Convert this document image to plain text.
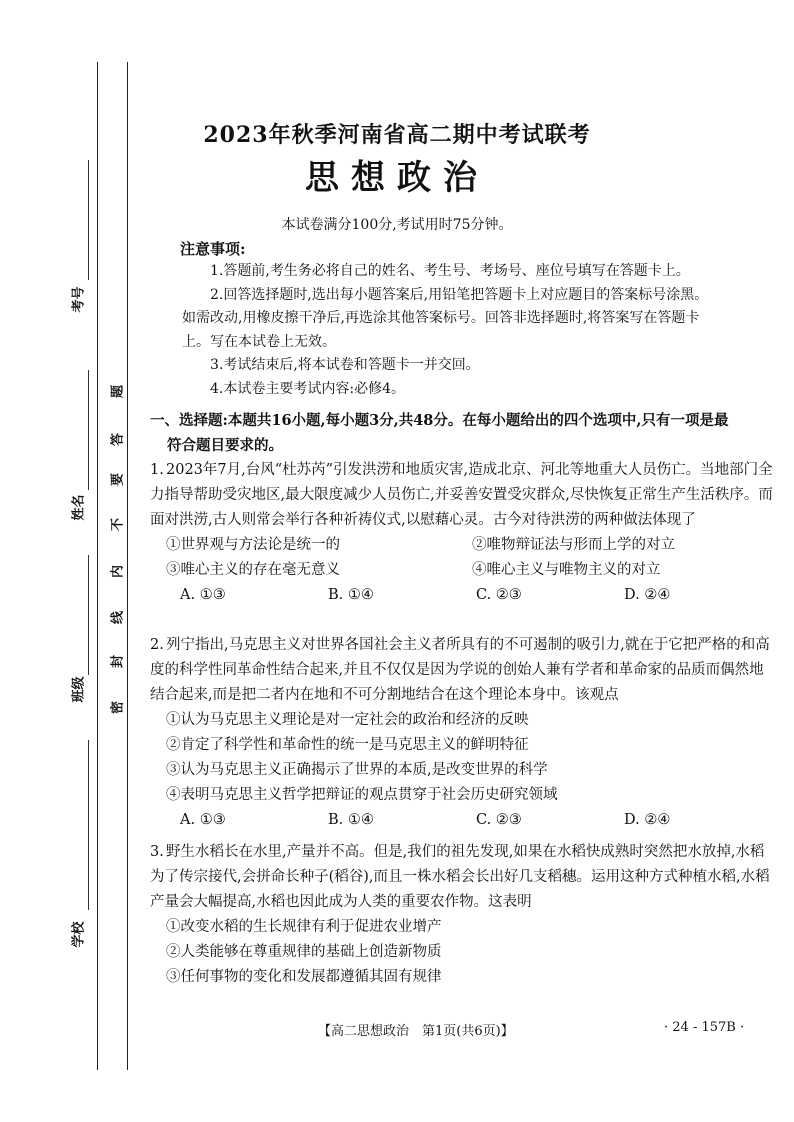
考号
姓名
班级
学校
题
答
要
不
内
线
封
密
2023年秋季河南省高二期中考试联考
思想政治
本试卷满分100分,考试用时75分钟。
注意事项:

1.答题前,考生务必将自己的姓名、考生号、考场号、座位号填写在答题卡上。

2.回答选择题时,选出每小题答案后,用铅笔把答题卡上对应题目的答案标号涂黑。如需改动,用橡皮擦干净后,再选涂其他答案标号。回答非选择题时,将答案写在答题卡上。写在本试卷上无效。

3.考试结束后,将本试卷和答题卡一并交回。

4.本试卷主要考试内容:必修4。

一、选择题:本题共16小题,每小题3分,共48分。在每小题给出的四个选项中,只有一项是最
符合题目要求的。

1. 2023年7月,台风“杜苏芮”引发洪涝和地质灾害,造成北京、河北等地重大人员伤亡。当地部门全力指导帮助受灾地区,最大限度减少人员伤亡,并妥善安置受灾群众,尽快恢复正常生产生活秩序。而面对洪涝,古人则常会举行各种祈祷仪式,以慰藉心灵。古今对待洪涝的两种做法体现了

①世界观与方法论是统一的	②唯物辩证法与形而上学的对立
③唯心主义的存在毫无意义	④唯心主义与唯物主义的对立
A. ①③	B. ①④	C. ②③	D. ②④

2. 列宁指出,马克思主义对世界各国社会主义者所具有的不可遏制的吸引力,就在于它把严格的和高度的科学性同革命性结合起来,并且不仅仅是因为学说的创始人兼有学者和革命家的品质而偶然地结合起来,而是把二者内在地和不可分割地结合在这个理论本身中。该观点

①认为马克思主义理论是对一定社会的政治和经济的反映
②肯定了科学性和革命性的统一是马克思主义的鲜明特征
③认为马克思主义正确揭示了世界的本质,是改变世界的科学
④表明马克思主义哲学把辩证的观点贯穿于社会历史研究领域
A. ①③	B. ①④	C. ②③	D. ②④

3. 野生水稻长在水里,产量并不高。但是,我们的祖先发现,如果在水稻快成熟时突然把水放掉,水稻为了传宗接代,会拼命长种子(稻谷),而且一株水稻会长出好几支稻穗。运用这种方式种植水稻,水稻产量会大幅提高,水稻也因此成为人类的重要农作物。这表明

①改变水稻的生长规律有利于促进农业增产
②人类能够在尊重规律的基础上创造新物质
③任何事物的变化和发展都遵循其固有规律
【高二思想政治　第1页(共6页)】	· 24 - 157B ·
